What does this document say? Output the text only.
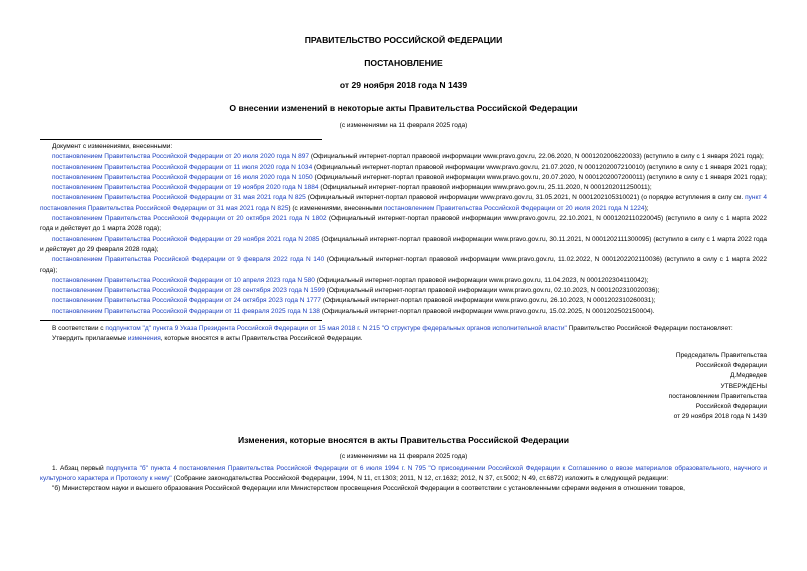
ПРАВИТЕЛЬСТВО РОССИЙСКОЙ ФЕДЕРАЦИИ
ПОСТАНОВЛЕНИЕ
от 29 ноября 2018 года N 1439
О внесении изменений в некоторые акты Правительства Российской Федерации
(с изменениями на 11 февраля 2025 года)

Документ с изменениями, внесенными:

постановлением Правительства Российской Федерации от 20 июля 2020 года N 897 (Официальный интернет-портал правовой информации www.pravo.gov.ru, 22.06.2020, N 0001202006220033) (вступило в силу с 1 января 2021 года);

постановлением Правительства Российской Федерации от 11 июля 2020 года N 1034 (Официальный интернет-портал правовой информации www.pravo.gov.ru, 21.07.2020, N 0001202007210010) (вступило в силу с 1 января 2021 года);

постановлением Правительства Российской Федерации от 16 июля 2020 года N 1050 (Официальный интернет-портал правовой информации www.pravo.gov.ru, 20.07.2020, N 0001202007200011) (вступило в силу с 1 января 2021 года);

постановлением Правительства Российской Федерации от 19 ноября 2020 года N 1884 (Официальный интернет-портал правовой информации www.pravo.gov.ru, 25.11.2020, N 0001202011250011);

постановлением Правительства Российской Федерации от 31 мая 2021 года N 825 (Официальный интернет-портал правовой информации www.pravo.gov.ru, 31.05.2021, N 0001202105310021) (о порядке вступления в силу см. пункт 4 постановления Правительства Российской Федерации от 31 мая 2021 года N 825) (с изменениями, внесенными постановлением Правительства Российской Федерации от 20 июля 2021 года N 1224);

постановлением Правительства Российской Федерации от 20 октября 2021 года N 1802 (Официальный интернет-портал правовой информации www.pravo.gov.ru, 22.10.2021, N 0001202110220045) (вступило в силу с 1 марта 2022 года и действует до 1 марта 2028 года);

постановлением Правительства Российской Федерации от 29 ноября 2021 года N 2085 (Официальный интернет-портал правовой информации www.pravo.gov.ru, 30.11.2021, N 0001202111300095) (вступило в силу с 1 марта 2022 года и действует до 29 февраля 2028 года);

постановлением Правительства Российской Федерации от 9 февраля 2022 года N 140 (Официальный интернет-портал правовой информации www.pravo.gov.ru, 11.02.2022, N 0001202202110036) (вступило в силу с 1 марта 2022 года);

постановлением Правительства Российской Федерации от 10 апреля 2023 года N 580 (Официальный интернет-портал правовой информации www.pravo.gov.ru, 11.04.2023, N 0001202304110042);

постановлением Правительства Российской Федерации от 28 сентября 2023 года N 1599 (Официальный интернет-портал правовой информации www.pravo.gov.ru, 02.10.2023, N 0001202310020036);

постановлением Правительства Российской Федерации от 24 октября 2023 года N 1777 (Официальный интернет-портал правовой информации www.pravo.gov.ru, 26.10.2023, N 0001202310260031);

постановлением Правительства Российской Федерации от 11 февраля 2025 года N 138 (Официальный интернет-портал правовой информации www.pravo.gov.ru, 15.02.2025, N 0001202502150004).

В соответствии с подпунктом "д" пункта 9 Указа Президента Российской Федерации от 15 мая 2018 г. N 215 "О структуре федеральных органов исполнительной власти" Правительство Российской Федерации постановляет:

Утвердить прилагаемые изменения, которые вносятся в акты Правительства Российской Федерации.

Председатель Правительства
Российской Федерации
Д.Медведев
УТВЕРЖДЕНЫ
постановлением Правительства
Российской Федерации
от 29 ноября 2018 года N 1439
Изменения, которые вносятся в акты Правительства Российской Федерации
(с изменениями на 11 февраля 2025 года)

1. Абзац первый подпункта "б" пункта 4 постановления Правительства Российской Федерации от 6 июля 1994 г. N 795 "О присоединении Российской Федерации к Соглашению о ввозе материалов образовательного, научного и культурного характера и Протоколу к нему" (Собрание законодательства Российской Федерации, 1994, N 11, ст.1303; 2011, N 12, ст.1632; 2012, N 37, ст.5002; N 49, ст.6872) изложить в следующей редакции:

"б) Министерством науки и высшего образования Российской Федерации или Министерством просвещения Российской Федерации в соответствии с установленными сферами ведения в отношении товаров,
